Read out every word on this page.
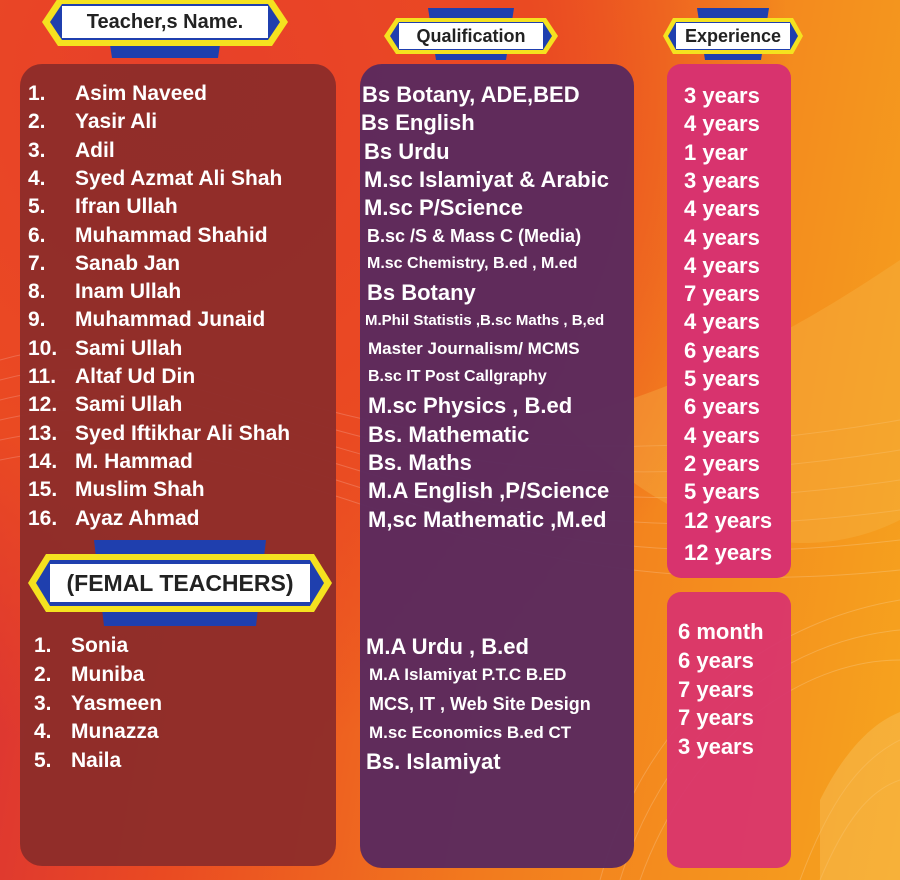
Teacher,s Name.
Qualification	Experience
(FEMAL TEACHERS)
1. Asim Naveed
2. Yasir Ali
3. Adil
4. Syed Azmat Ali Shah
5. Ifran Ullah
6. Muhammad Shahid
7. Sanab Jan
8. Inam Ullah
9. Muhammad Junaid
10. Sami Ullah
11. Altaf Ud Din
12. Sami Ullah
13. Syed Iftikhar Ali Shah
14. M. Hammad
15. Muslim Shah
16. Ayaz Ahmad
Bs Botany, ADE,BED
Bs English
Bs Urdu
M.sc Islamiyat & Arabic
M.sc P/Science
B.sc /S & Mass C (Media)
M.sc Chemistry, B.ed , M.ed
Bs Botany
M.Phil Statistis ,B.sc Maths , B,ed
Master Journalism/ MCMS
B.sc IT Post Callgraphy
M.sc Physics , B.ed
Bs. Mathematic
Bs. Maths
M.A English ,P/Science
M,sc Mathematic ,M.ed
3 years
4 years
1 year
3 years
4 years
4 years
4 years
7 years
4 years
6 years
5 years
6 years
4 years
2 years
5 years
12 years
12 years
1. Sonia
2. Muniba
3. Yasmeen
4. Munazza
5. Naila
M.A Urdu , B.ed
M.A Islamiyat P.T.C B.ED
MCS, IT , Web Site Design
M.sc Economics B.ed CT
Bs. Islamiyat
6 month
6 years
7 years
7 years
3 years
